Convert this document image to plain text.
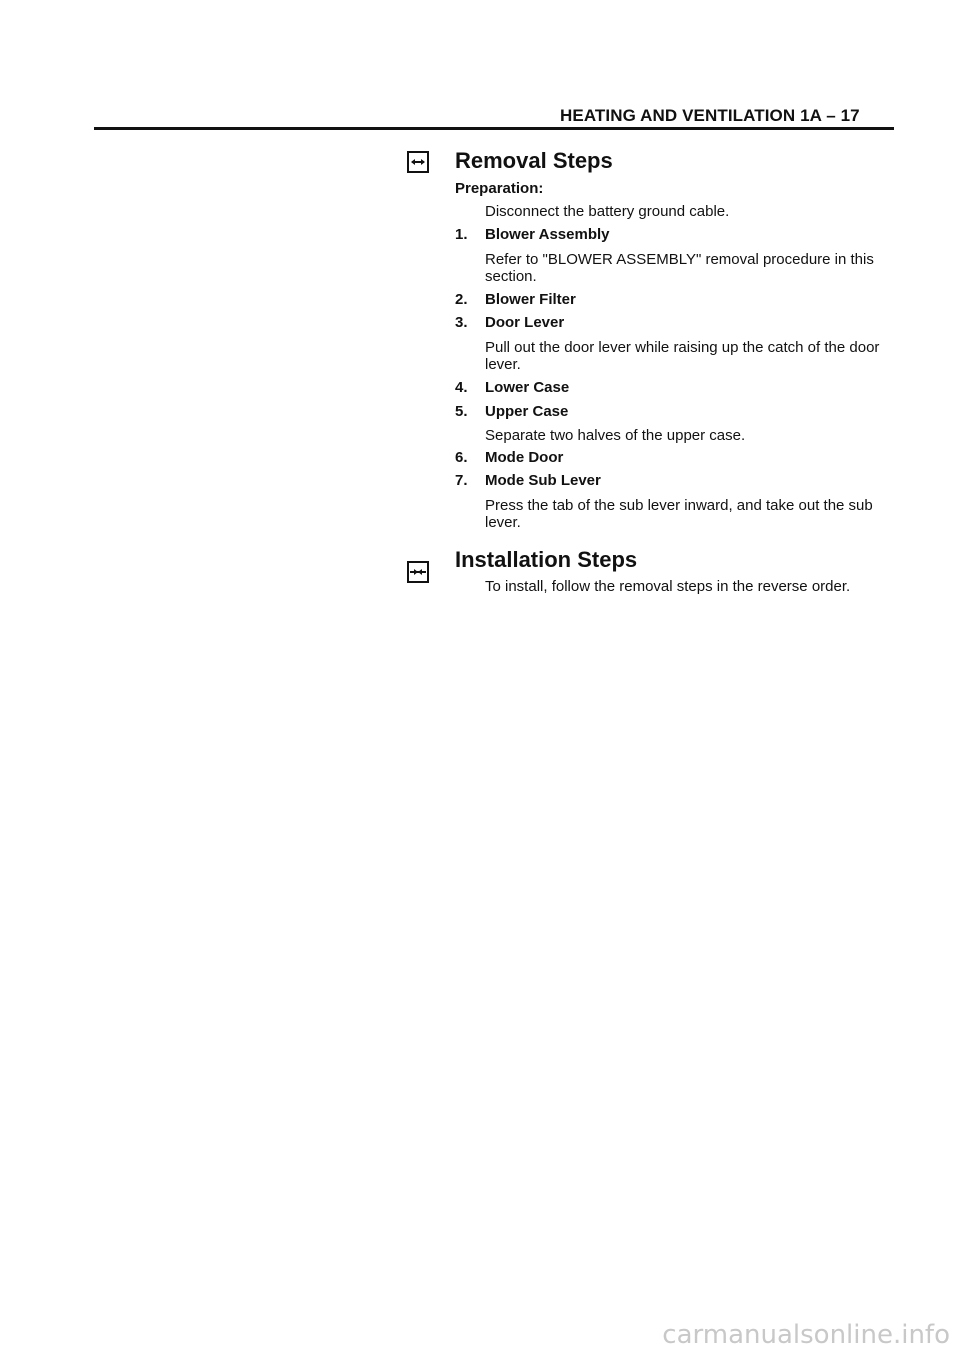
HEATING AND VENTILATION 1A – 17
Removal Steps
Preparation:
Disconnect the battery ground cable.
1. Blower Assembly
Refer to "BLOWER ASSEMBLY" removal procedure in this section.
2. Blower Filter
3. Door Lever
Pull out the door lever while raising up the catch of the door lever.
4. Lower Case
5. Upper Case
Separate two halves of the upper case.
6. Mode Door
7. Mode Sub Lever
Press the tab of the sub lever inward, and take out the sub lever.
Installation Steps
To install, follow the removal steps in the reverse order.
carmanualsonline.info
